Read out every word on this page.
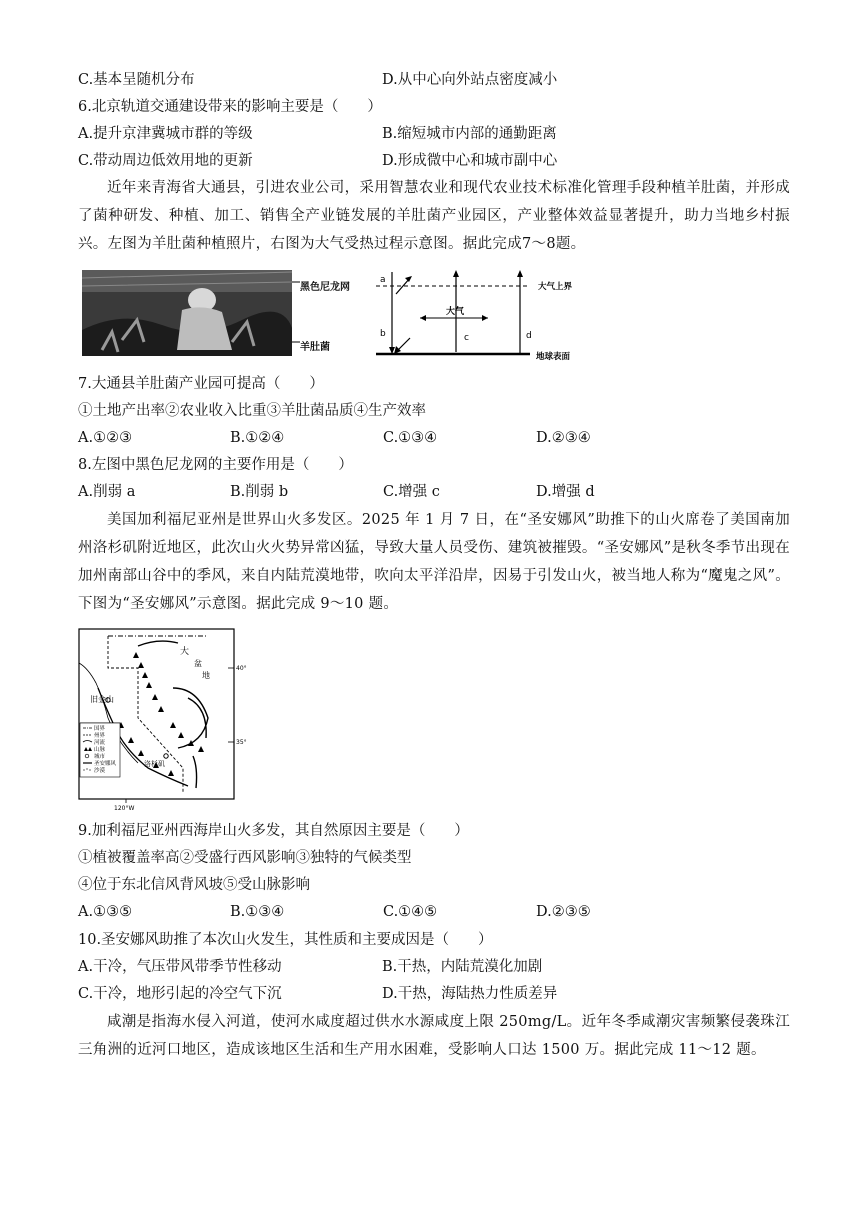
C.基本呈随机分布	D.从中心向外站点密度减小
6.北京轨道交通建设带来的影响主要是（　　）
A.提升京津冀城市群的等级	B.缩短城市内部的通勤距离
C.带动周边低效用地的更新	D.形成微中心和城市副中心
近年来青海省大通县，引进农业公司，采用智慧农业和现代农业技术标准化管理手段种植羊肚菌，并形成了菌种研发、种植、加工、销售全产业链发展的羊肚菌产业园区，产业整体效益显著提升，助力当地乡村振兴。左图为羊肚菌种植照片，右图为大气受热过程示意图。据此完成7～8题。
黑色尼龙网
羊肚菌
a
b	c	d
大气
大气上界
地球表面
7.大通县羊肚菌产业园可提高（　　）
①土地产出率②农业收入比重③羊肚菌品质④生产效率
A.①②③	B.①②④	C.①③④	D.②③④
8.左图中黑色尼龙网的主要作用是（　　）
A.削弱 a	B.削弱 b	C.增强 c	D.增强 d
美国加利福尼亚州是世界山火多发区。2025 年 1 月 7 日，在“圣安娜风”助推下的山火席卷了美国南加州洛杉矶附近地区，此次山火火势异常凶猛，导致大量人员受伤、建筑被摧毁。“圣安娜风”是秋冬季节出现在加州南部山谷中的季风，来自内陆荒漠地带，吹向太平洋沿岸，因易于引发山火，被当地人称为“魔鬼之风”。下图为“圣安娜风”示意图。据此完成 9～10 题。
国界
州界
河流
山脉
城市
圣安娜风
沙漠
大
盆
地
40°
35°
旧金山
洛杉矶
120°W
9.加利福尼亚州西海岸山火多发，其自然原因主要是（　　）
①植被覆盖率高②受盛行西风影响③独特的气候类型
④位于东北信风背风坡⑤受山脉影响
A.①③⑤	B.①③④	C.①④⑤	D.②③⑤
10.圣安娜风助推了本次山火发生，其性质和主要成因是（　　）
A.干冷，气压带风带季节性移动	B.干热，内陆荒漠化加剧
C.干冷，地形引起的冷空气下沉	D.干热，海陆热力性质差异
咸潮是指海水侵入河道，使河水咸度超过供水水源咸度上限 250mg/L。近年冬季咸潮灾害频繁侵袭珠江三角洲的近河口地区，造成该地区生活和生产用水困难，受影响人口达 1500 万。据此完成 11～12 题。
